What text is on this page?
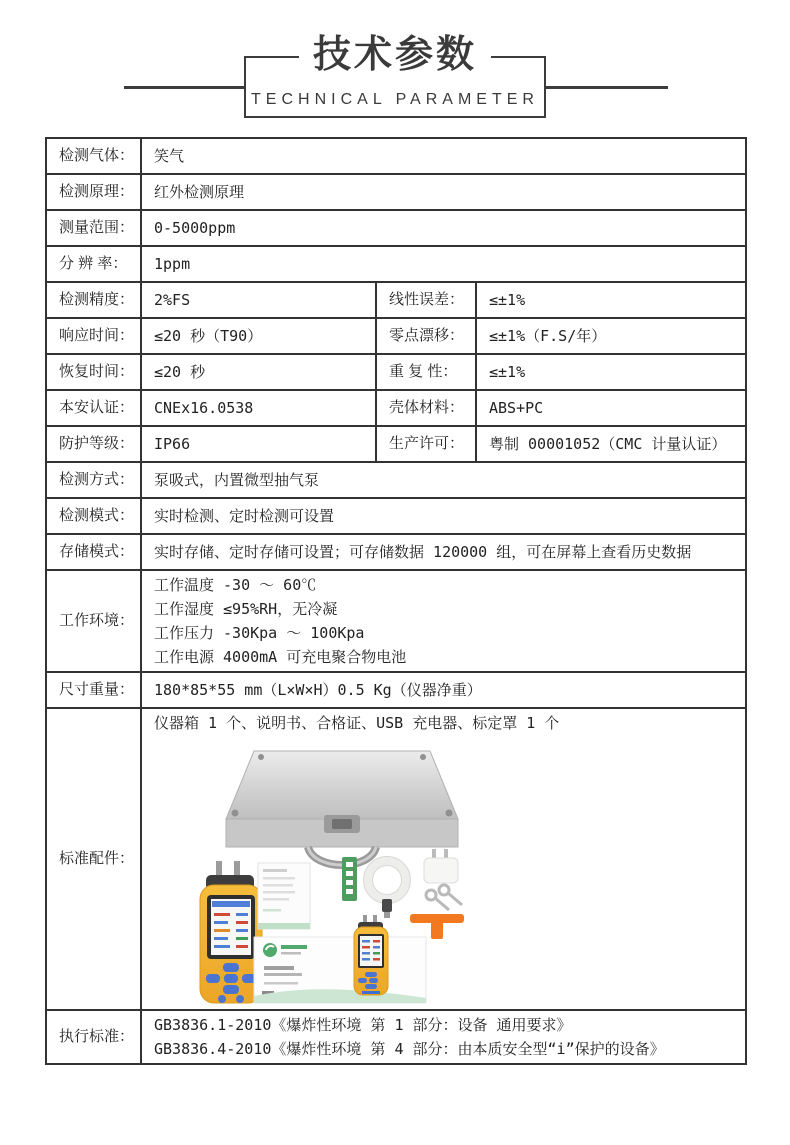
技术参数
TECHNICAL PARAMETER
检测气体：	笑气		
检测原理：	红外检测原理		
测量范围：	0-5000ppm		
分 辨 率：	1ppm		
检测精度：	2%FS	线性误差：	≤±1%
响应时间：	≤20 秒（T90）	零点漂移：	≤±1%（F.S/年）
恢复时间：	≤20 秒	重 复 性：	≤±1%
本安认证：	CNEx16.0538	壳体材料：	ABS+PC
防护等级：	IP66	生产许可：	粤制 00001052（CMC 计量认证）
检测方式：	泵吸式，内置微型抽气泵		
检测模式：	实时检测、定时检测可设置		
存储模式：	实时存储、定时存储可设置；可存储数据 120000 组，可在屏幕上查看历史数据		
工作环境：	工作温度 -30 ～ 60℃
工作湿度 ≤95%RH，无冷凝
工作压力 -30Kpa ～ 100Kpa
工作电源 4000mA 可充电聚合物电池		

尺寸重量：	180*85*55 mm（L×W×H）0.5 Kg（仪器净重）		
标准配件：	仪器箱 1 个、说明书、合格证、USB 充电器、标定罩 1 个		

执行标准：	GB3836.1-2010《爆炸性环境 第 1 部分：设备 通用要求》
GB3836.4-2010《爆炸性环境 第 4 部分：由本质安全型“i”保护的设备》		
